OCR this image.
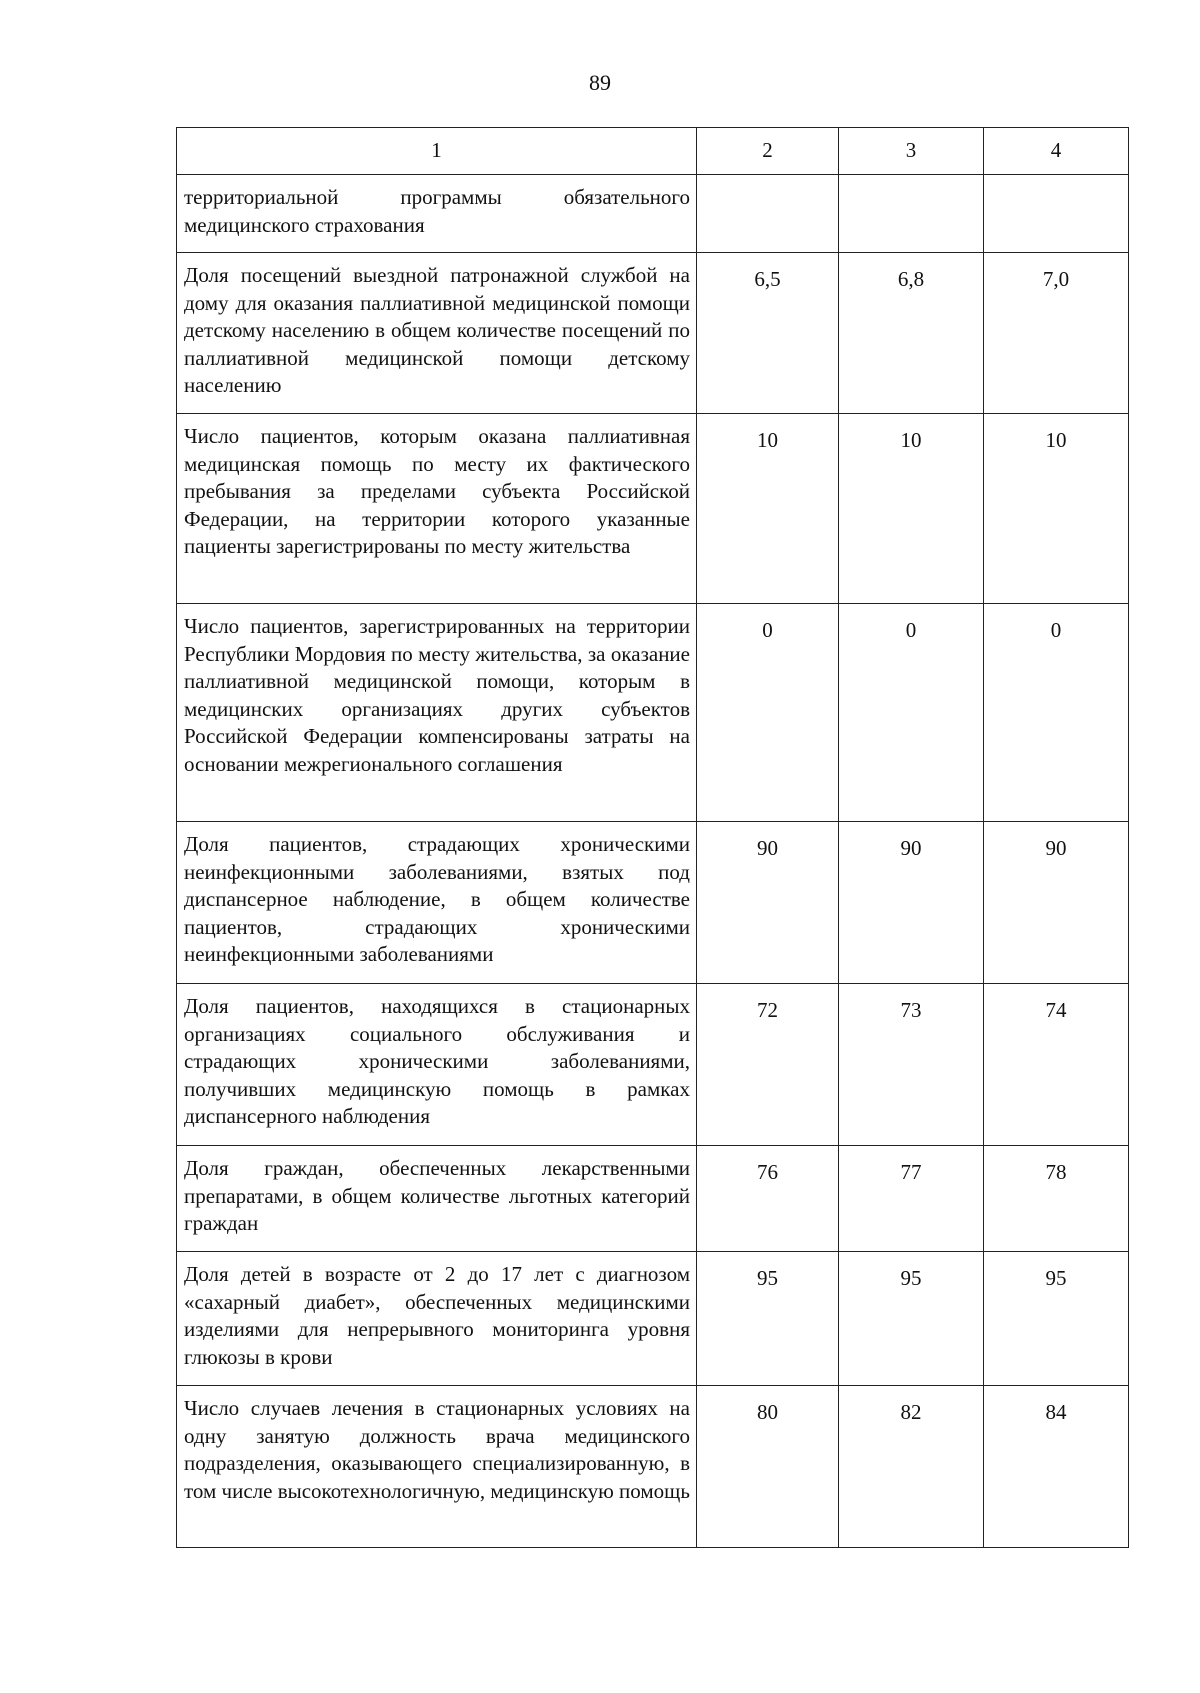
89
1	2	3	4
территориальной программы обязательного медицинского страхования			
Доля посещений выездной патронажной службой на дому для оказания паллиативной медицинской помощи детскому населению в общем количестве посещений по паллиативной медицинской помощи детскому населению	6,5	6,8	7,0
Число пациентов, которым оказана паллиативная медицинская помощь по месту их фактического пребывания за пределами субъекта Российской Федерации, на территории которого указанные пациенты зарегистрированы по месту жительства	10	10	10
Число пациентов, зарегистрированных на территории Республики Мордовия по месту жительства, за оказание паллиативной медицинской помощи, которым в медицинских организациях других субъектов Российской Федерации компенсированы затраты на основании межрегионального соглашения	0	0	0
Доля пациентов, страдающих хроническими неинфекционными заболеваниями, взятых под диспансерное наблюдение, в общем количестве пациентов, страдающих хроническими неинфекционными заболеваниями	90	90	90
Доля пациентов, находящихся в стационарных организациях социального обслуживания и страдающих хроническими заболеваниями, получивших медицинскую помощь в рамках диспансерного наблюдения	72	73	74
Доля граждан, обеспеченных лекарственными препаратами, в общем количестве льготных категорий граждан	76	77	78
Доля детей в возрасте от 2 до 17 лет с диагнозом «сахарный диабет», обеспеченных медицинскими изделиями для непрерывного мониторинга уровня глюкозы в крови	95	95	95
Число случаев лечения в стационарных условиях на одну занятую должность врача медицинского подразделения, оказывающего специализированную, в том числе высокотехнологичную, медицинскую помощь	80	82	84
